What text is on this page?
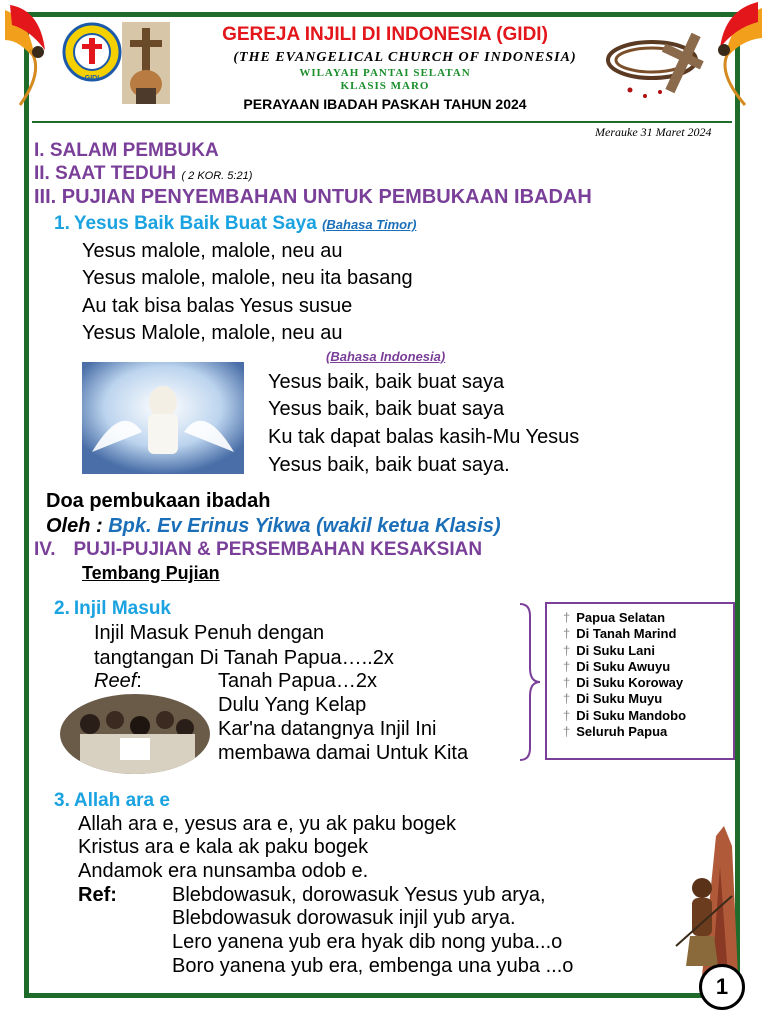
GIDI
GEREJA INJILI DI INDONESIA (GIDI)
(THE EVANGELICAL CHURCH OF INDONESIA)
WILAYAH PANTAI SELATAN
KLASIS MARO
PERAYAAN IBADAH PASKAH TAHUN 2024
Merauke 31 Maret 2024
I. SALAM PEMBUKA
II. SAAT TEDUH ( 2 KOR. 5:21)
III. PUJIAN PENYEMBAHAN UNTUK PEMBUKAAN IBADAH
1. Yesus Baik Baik Buat Saya (Bahasa Timor)
Yesus malole, malole, neu au
Yesus malole, malole, neu ita basang
Au tak bisa balas Yesus susue
Yesus Malole, malole, neu au
(Bahasa Indonesia)
Yesus baik, baik buat saya
Yesus baik, baik buat saya
Ku tak dapat balas kasih-Mu Yesus
Yesus baik, baik buat saya.
Doa pembukaan ibadah
Oleh : Bpk. Ev Erinus Yikwa (wakil ketua Klasis)
IV. PUJI-PUJIAN & PERSEMBAHAN KESAKSIAN
Tembang Pujian
2. Injil Masuk
Injil Masuk Penuh dengan
tangtangan Di Tanah Papua…..2x
Reef:	Tanah Papua…2x
Dulu Yang Kelap
Kar'na datangnya Injil Ini
membawa damai Untuk Kita
† Papua Selatan
† Di Tanah Marind
† Di Suku Lani
† Di Suku Awuyu
† Di Suku Koroway
† Di Suku Muyu
† Di Suku Mandobo
† Seluruh Papua
3. Allah ara e
Allah ara e, yesus ara e, yu ak paku bogek
Kristus ara e kala ak paku bogek
Andamok era nunsamba odob e.
Ref:	Blebdowasuk, dorowasuk Yesus yub arya,
Blebdowasuk dorowasuk injil yub arya.
Lero yanena yub era hyak dib nong yuba...o
Boro yanena yub era, embenga una yuba ...o
1
